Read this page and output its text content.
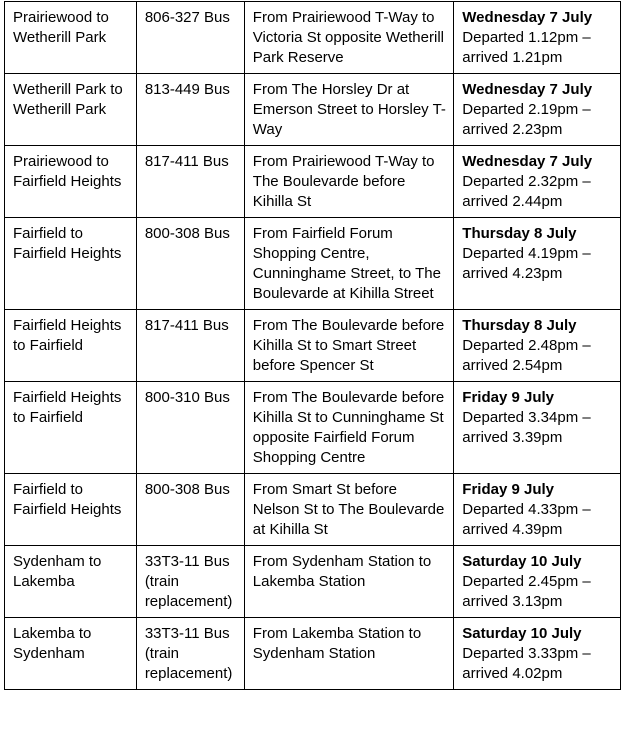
Prairiewood to Wetherill Park	806-327 Bus	From Prairiewood T-Way to Victoria St opposite Wetherill Park Reserve	Wednesday 7 July
Departed 1.12pm –
arrived 1.21pm

Wetherill Park to Wetherill Park	813-449 Bus	From The Horsley Dr at Emerson Street to Horsley T-Way	Wednesday 7 July
Departed 2.19pm –
arrived 2.23pm

Prairiewood to Fairfield Heights	817-411 Bus	From Prairiewood T-Way to The Boulevarde before Kihilla St	Wednesday 7 July
Departed 2.32pm –
arrived 2.44pm

Fairfield to Fairfield Heights	800-308 Bus	From Fairfield Forum Shopping Centre, Cunninghame Street, to The Boulevarde at Kihilla Street	Thursday 8 July
Departed 4.19pm –
arrived 4.23pm

Fairfield Heights to Fairfield	817-411 Bus	From The Boulevarde before Kihilla St to Smart Street before Spencer St	Thursday 8 July
Departed 2.48pm –
arrived 2.54pm

Fairfield Heights to Fairfield	800-310 Bus	From The Boulevarde before Kihilla St to Cunninghame St opposite Fairfield Forum Shopping Centre	Friday 9 July
Departed 3.34pm –
arrived 3.39pm

Fairfield to Fairfield Heights	800-308 Bus	From Smart St before Nelson St to The Boulevarde at Kihilla St	Friday 9 July
Departed 4.33pm –
arrived 4.39pm

Sydenham to Lakemba	33T3-11 Bus (train replacement)	From Sydenham Station to Lakemba Station	Saturday 10 July
Departed 2.45pm –
arrived 3.13pm

Lakemba to Sydenham	33T3-11 Bus (train replacement)	From Lakemba Station to Sydenham Station	Saturday 10 July
Departed 3.33pm –
arrived 4.02pm
